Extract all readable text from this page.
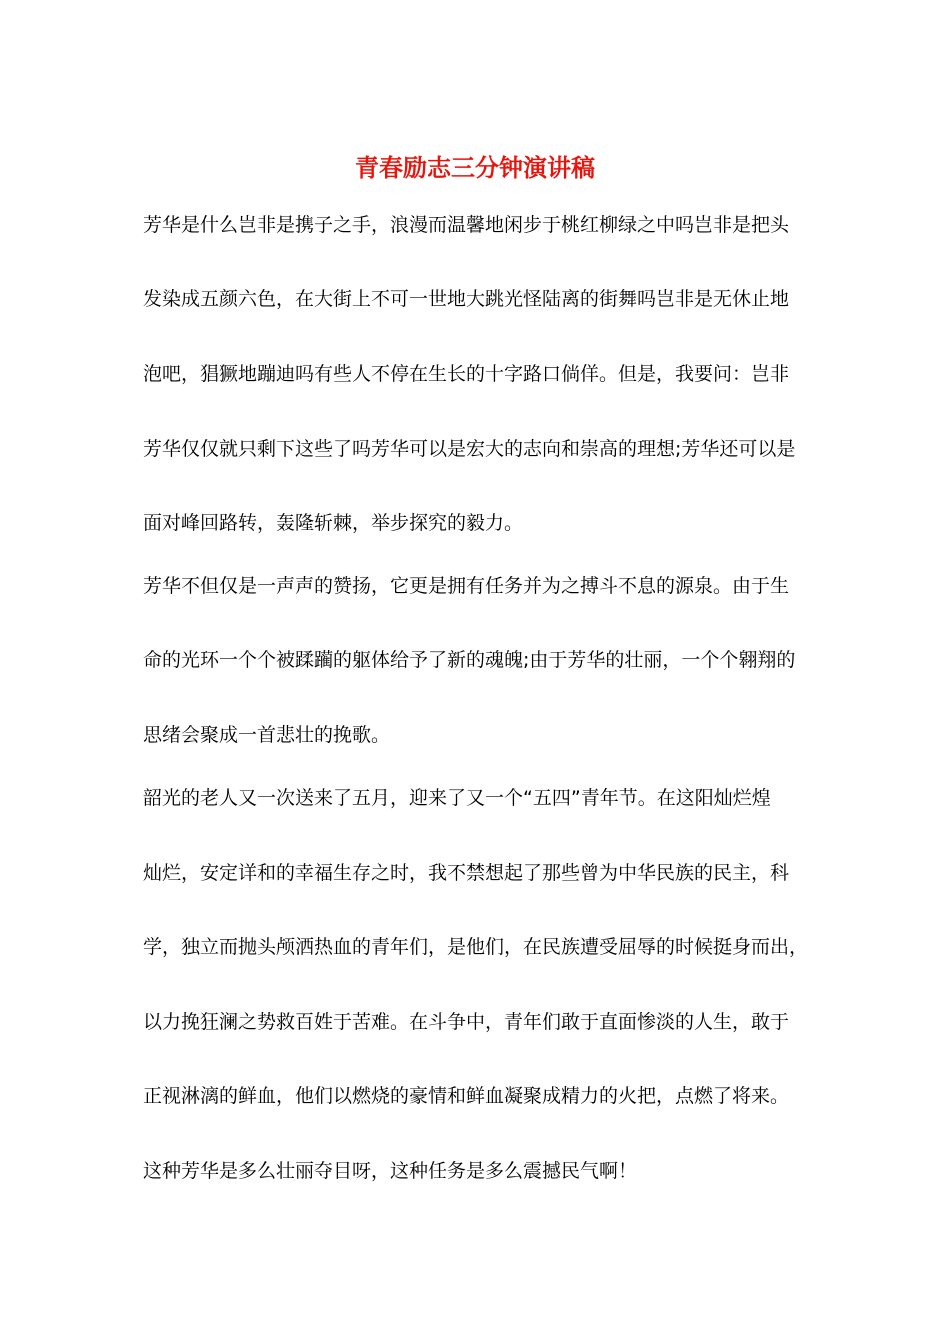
青春励志三分钟演讲稿

芳华是什么岂非是携子之手，浪漫而温馨地闲步于桃红柳绿之中吗岂非是把头

发染成五颜六色，在大街上不可一世地大跳光怪陆离的街舞吗岂非是无休止地

泡吧，猖獗地蹦迪吗有些人不停在生长的十字路口倘佯。但是，我要问：岂非

芳华仅仅就只剩下这些了吗芳华可以是宏大的志向和崇高的理想;芳华还可以是

面对峰回路转，轰隆斩棘，举步探究的毅力。

芳华不但仅是一声声的赞扬，它更是拥有任务并为之搏斗不息的源泉。由于生

命的光环一个个被蹂躏的躯体给予了新的魂魄;由于芳华的壮丽，一个个翱翔的

思绪会聚成一首悲壮的挽歌。

韶光的老人又一次送来了五月，迎来了又一个“五四”青年节。在这阳灿烂煌

灿烂，安定详和的幸福生存之时，我不禁想起了那些曾为中华民族的民主，科

学，独立而抛头颅洒热血的青年们，是他们，在民族遭受屈辱的时候挺身而出，

以力挽狂澜之势救百姓于苦难。在斗争中，青年们敢于直面惨淡的人生，敢于

正视淋漓的鲜血，他们以燃烧的豪情和鲜血凝聚成精力的火把，点燃了将来。

这种芳华是多么壮丽夺目呀，这种任务是多么震撼民气啊！
